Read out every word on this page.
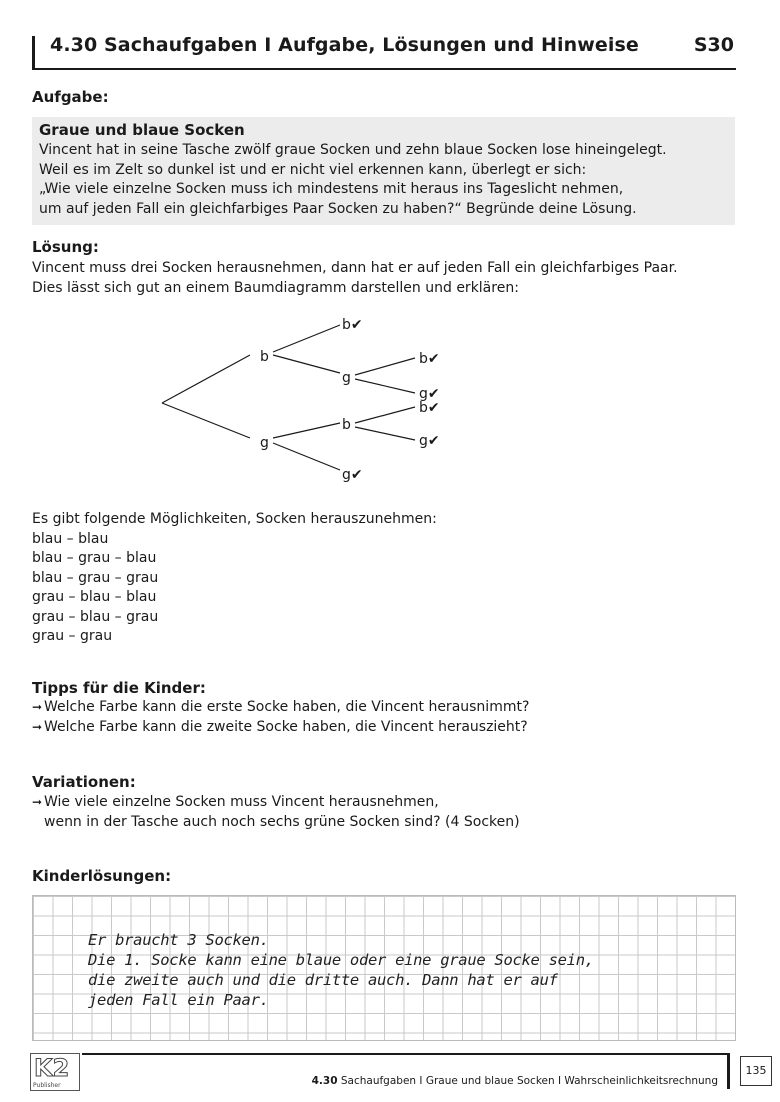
4.30 Sachaufgaben I Aufgabe, Lösungen und Hinweise	S30
Aufgabe:
Graue und blaue Socken
Vincent hat in seine Tasche zwölf graue Socken und zehn blaue Socken lose hineingelegt.
Weil es im Zelt so dunkel ist und er nicht viel erkennen kann, überlegt er sich:
„Wie viele einzelne Socken muss ich mindestens mit heraus ins Tageslicht nehmen,
um auf jeden Fall ein gleichfarbiges Paar Socken zu haben?“ Begründe deine Lösung.
Lösung:
Vincent muss drei Socken herausnehmen, dann hat er auf jeden Fall ein gleichfarbiges Paar.
Dies lässt sich gut an einem Baumdiagramm darstellen und erklären:
b✔
b	b✔
g
g✔
b✔
b
g	g✔
g✔
Es gibt folgende Möglichkeiten, Socken herauszunehmen:
blau – blau
blau – grau – blau
blau – grau – grau
grau – blau – blau
grau – blau – grau
grau – grau
Tipps für die Kinder:
➞ Welche Farbe kann die erste Socke haben, die Vincent herausnimmt?
➞ Welche Farbe kann die zweite Socke haben, die Vincent herauszieht?
Variationen:
➞ Wie viele einzelne Socken muss Vincent herausnehmen,
wenn in der Tasche auch noch sechs grüne Socken sind? (4 Socken)
Kinderlösungen:
Er braucht 3 Socken.
Die 1. Socke kann eine blaue oder eine graue Socke sein,
die zweite auch und die dritte auch. Dann hat er auf
jeden Fall ein Paar.
K2
Publisher	4.30 Sachaufgaben I Graue und blaue Socken I Wahrscheinlichkeitsrechnung
135
